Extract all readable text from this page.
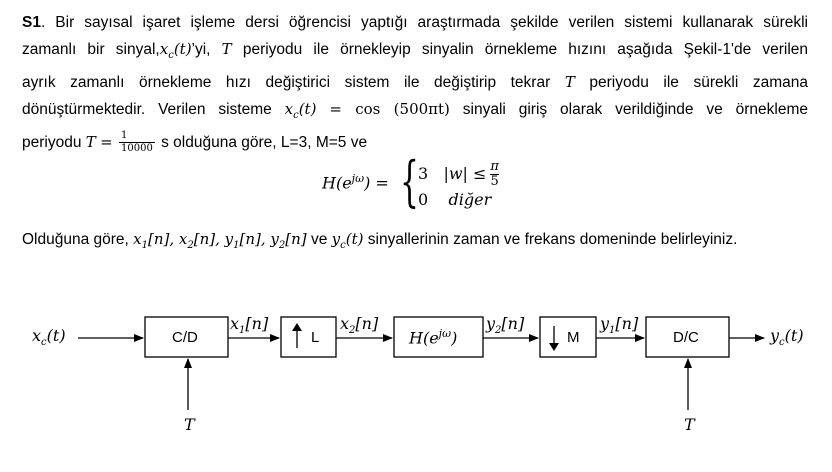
S1. Bir sayısal işaret işleme dersi öğrencisi yaptığı araştırmada şekilde verilen sistemi kullanarak sürekli
zamanlı bir $sinyal,x_c(t)’yi$, T periyodu ile örnekleyip sinyalin örnekleme hızını aşağıda Şekil-1'de verilen
ayrık zamanlı örnekleme hızı değiştirici sistem ile değiştirip tekrar T periyodu ile sürekli zamana
dönüştürmektedir. Verilen sisteme $x_c(t) = \cos (500\pi t)$ sinyali giriş olarak verildiğinde ve örnekleme
periyodu $T = \frac{1}{10000}$ s olduğuna göre, L=3, M=5 ve
$H(e^{j\omega})$ = { 3 $|w| \le \frac{\pi}{5}$
0 diğer
Olduğuna göre, $x_1[n]$, $x_2[n]$, $y_1[n]$, $y_2[n]$ ve $y_c(t)$ sinyallerinin zaman ve frekans domeninde belirleyiniz.
$x_c(t)$	C/D	L	$H(e^{j\omega})$	M	D/C
$x_1[n]$	$x_2[n]$	$y_2[n]$	$y_1[n]$
$y_c(t)$
T	T
